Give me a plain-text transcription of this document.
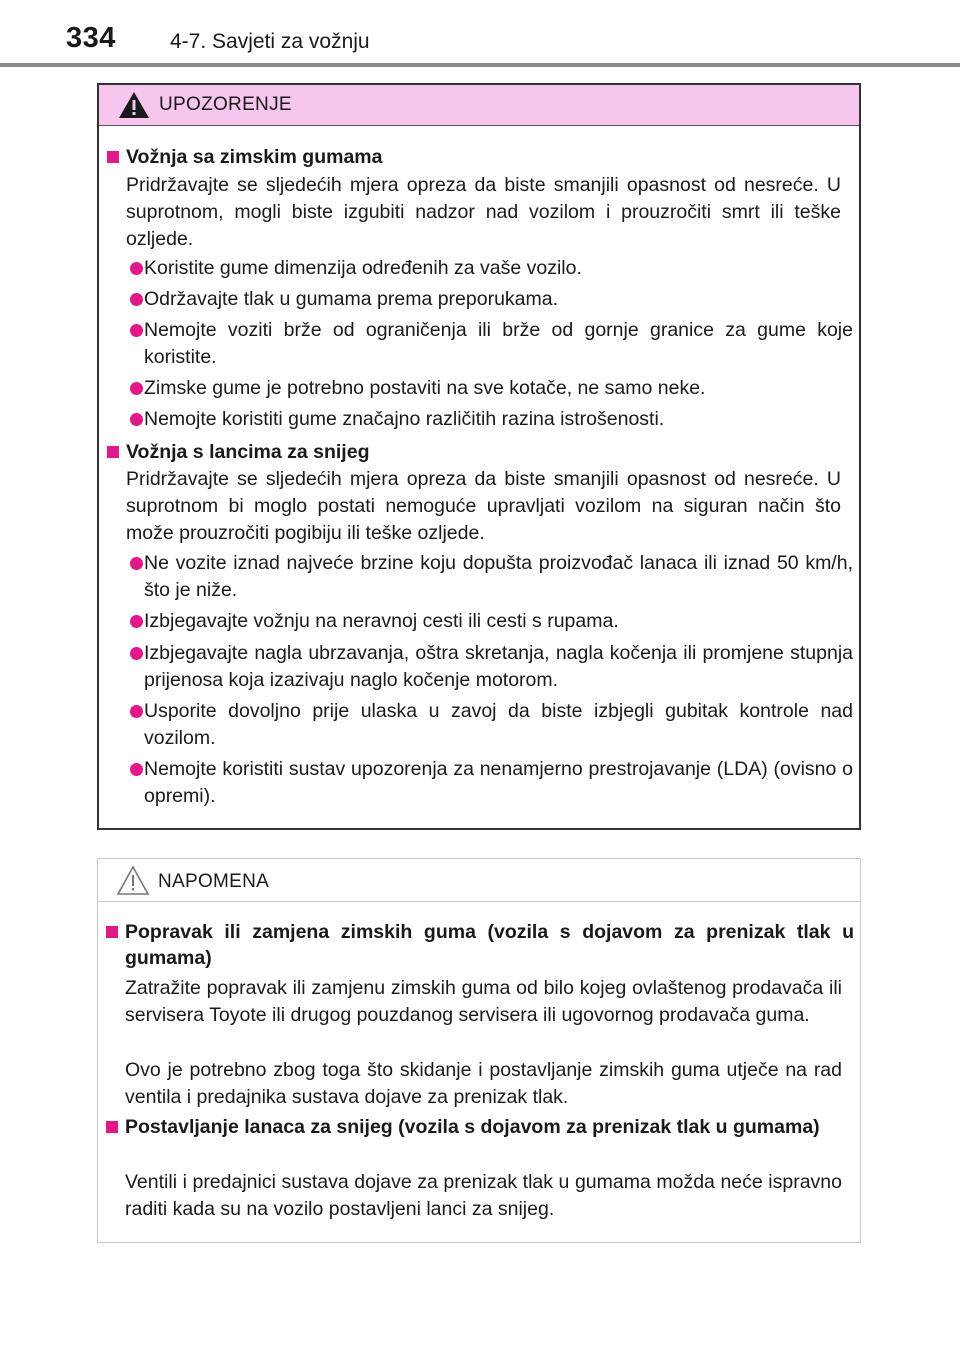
334	4-7. Savjeti za vožnju
UPOZORENJE
Vožnja sa zimskim gumama
Pridržavajte se sljedećih mjera opreza da biste smanjili opasnost od nesreće. U suprotnom, mogli biste izgubiti nadzor nad vozilom i prouzročiti smrt ili teške ozljede.
Koristite gume dimenzija određenih za vaše vozilo.
Održavajte tlak u gumama prema preporukama.
Nemojte voziti brže od ograničenja ili brže od gornje granice za gume koje koristite.
Zimske gume je potrebno postaviti na sve kotače, ne samo neke.
Nemojte koristiti gume značajno različitih razina istrošenosti.
Vožnja s lancima za snijeg
Pridržavajte se sljedećih mjera opreza da biste smanjili opasnost od nesreće. U suprotnom bi moglo postati nemoguće upravljati vozilom na siguran način što može prouzročiti pogibiju ili teške ozljede.
Ne vozite iznad najveće brzine koju dopušta proizvođač lanaca ili iznad 50 km/h, što je niže.
Izbjegavajte vožnju na neravnoj cesti ili cesti s rupama.
Izbjegavajte nagla ubrzavanja, oštra skretanja, nagla kočenja ili promjene stupnja prijenosa koja izazivaju naglo kočenje motorom.
Usporite dovoljno prije ulaska u zavoj da biste izbjegli gubitak kontrole nad vozilom.
Nemojte koristiti sustav upozorenja za nenamjerno prestrojavanje (LDA) (ovisno o opremi).
NAPOMENA
Popravak ili zamjena zimskih guma (vozila s dojavom za prenizak tlak u gumama)
Zatražite popravak ili zamjenu zimskih guma od bilo kojeg ovlaštenog prodavača ili servisera Toyote ili drugog pouzdanog servisera ili ugovornog prodavača guma.
Ovo je potrebno zbog toga što skidanje i postavljanje zimskih guma utječe na rad ventila i predajnika sustava dojave za prenizak tlak.
Postavljanje lanaca za snijeg (vozila s dojavom za prenizak tlak u gumama)
Ventili i predajnici sustava dojave za prenizak tlak u gumama možda neće ispravno raditi kada su na vozilo postavljeni lanci za snijeg.
